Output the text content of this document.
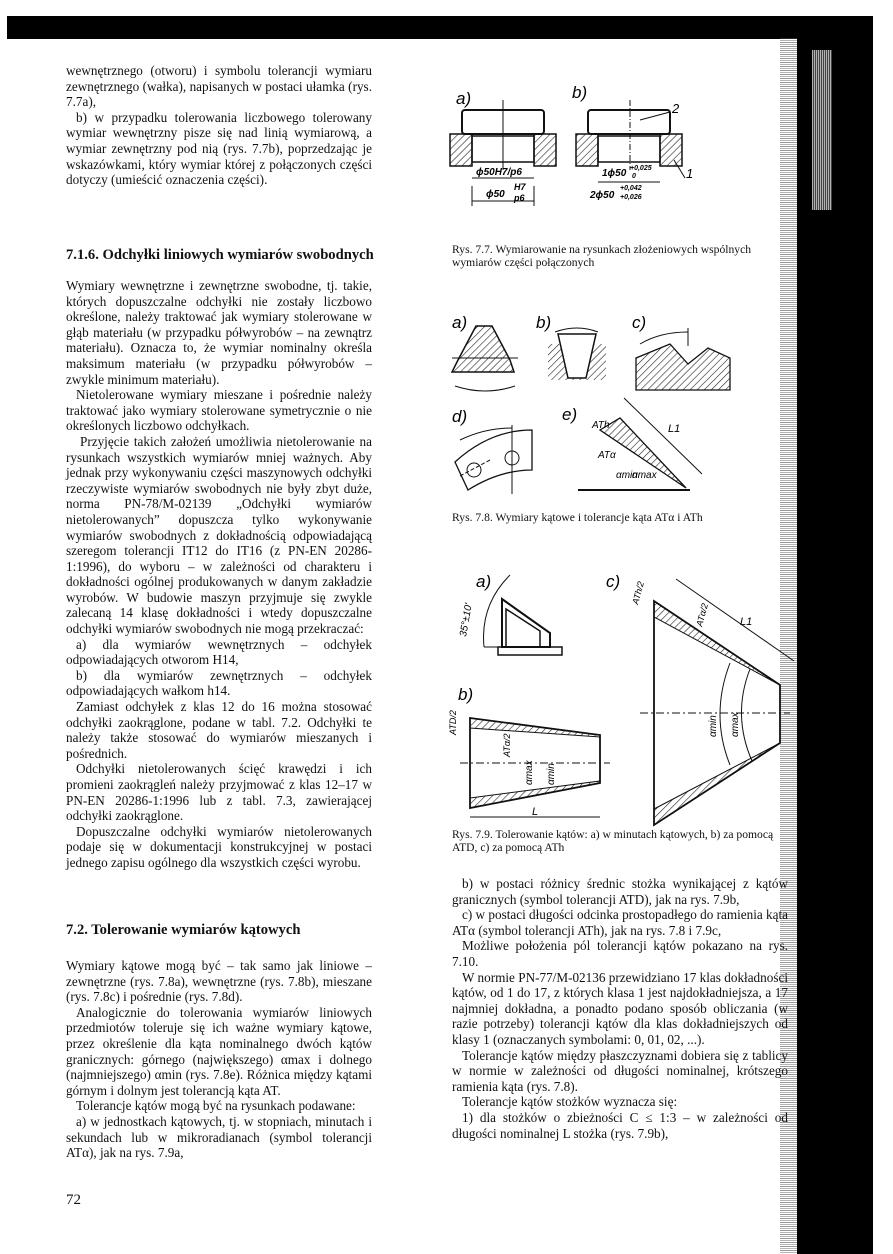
wewnętrznego (otworu) i symbolu tolerancji wymiaru zewnętrznego (wałka), napisanych w postaci ułamka (rys. 7.7a),

b) w przypadku tolerowania liczbowego tolerowany wymiar wewnętrzny pisze się nad linią wymiarową, a wymiar zewnętrzny pod nią (rys. 7.7b), poprzedzając je wskazówkami, który wymiar której z połączonych części dotyczy (umieścić oznaczenia części).

7.1.6. Odchyłki liniowych wymiarów swobodnych

Wymiary wewnętrzne i zewnętrzne swobodne, tj. takie, których dopuszczalne odchyłki nie zostały liczbowo określone, należy traktować jak wymiary stolerowane w głąb materiału (w przypadku półwyrobów – na zewnątrz materiału). Oznacza to, że wymiar nominalny określa maksimum materiału (w przypadku półwyrobów – zwykle minimum materiału).

Nietolerowane wymiary mieszane i pośrednie należy traktować jako wymiary stolerowane symetrycznie o nie określonych liczbowo odchyłkach.

Przyjęcie takich założeń umożliwia nietolerowanie na rysunkach wszystkich wymiarów mniej ważnych. Aby jednak przy wykonywaniu części maszynowych odchyłki rzeczywiste wymiarów swobodnych nie były zbyt duże, norma PN-78/M-02139 „Odchyłki wymiarów nietolerowanych” dopuszcza tylko wykonywanie wymiarów swobodnych z dokładnością odpowiadającą szeregom tolerancji IT12 do IT16 (z PN-EN 20286-1:1996), do wyboru – w zależności od charakteru i dokładności ogólnej produkowanych w danym zakładzie wyrobów. W budowie maszyn przyjmuje się zwykle zalecaną 14 klasę dokładności i wtedy dopuszczalne odchyłki wymiarów swobodnych nie mogą przekraczać:

a) dla wymiarów wewnętrznych – odchyłek odpowiadających otworom H14,

b) dla wymiarów zewnętrznych – odchyłek odpowiadających wałkom h14.

Zamiast odchyłek z klas 12 do 16 można stosować odchyłki zaokrąglone, podane w tabl. 7.2. Odchyłki te należy także stosować do wymiarów mieszanych i pośrednich.

Odchyłki nietolerowanych ścięć krawędzi i ich promieni zaokrągleń należy przyjmować z klas 12–17 w PN-EN 20286-1:1996 lub z tabl. 7.3, zawierającej odchyłki zaokrąglone.

Dopuszczalne odchyłki wymiarów nietolerowanych podaje się w dokumentacji konstrukcyjnej w postaci jednego zapisu ogólnego dla wszystkich części wyrobu.

7.2. Tolerowanie wymiarów kątowych

Wymiary kątowe mogą być – tak samo jak liniowe – zewnętrzne (rys. 7.8a), wewnętrzne (rys. 7.8b), mieszane (rys. 7.8c) i pośrednie (rys. 7.8d).

Analogicznie do tolerowania wymiarów liniowych przedmiotów toleruje się ich ważne wymiary kątowe, przez określenie dla kąta nominalnego dwóch kątów granicznych: górnego (największego) αmax i dolnego (najmniejszego) αmin (rys. 7.8e). Różnica między kątami górnym i dolnym jest tolerancją kąta AT.

Tolerancje kątów mogą być na rysunkach podawane:

a) w jednostkach kątowych, tj. w stopniach, minutach i sekundach lub w mikroradianach (symbol tolerancji ATα), jak na rys. 7.9a,

72
a)	b)
ϕ50H7/p6
ϕ50
H7
p6
2
1
1ϕ50 +0,025
0
2ϕ50
+0,042
+0,026
Rys. 7.7. Wymiarowanie na rysunkach złożeniowych wspólnych wymiarów części połączonych
a)	b)	c)
d)	e)
ATh
ATα
αmin
αmax
L1
Rys. 7.8. Wymiary kątowe i tolerancje kąta ATα i ATh
a)
35°±10'
b)
ATD/2
ATα/2
αmax αmin
L
c) ATh/2
ATα/2	L1
αmin αmax
Rys. 7.9. Tolerowanie kątów: a) w minutach kątowych, b) za pomocą ATD, c) za pomocą ATh

b) w postaci różnicy średnic stożka wynikającej z kątów granicznych (symbol tolerancji ATD), jak na rys. 7.9b,

c) w postaci długości odcinka prostopadłego do ramienia kąta ATα (symbol tolerancji ATh), jak na rys. 7.8 i 7.9c,

Możliwe położenia pól tolerancji kątów pokazano na rys. 7.10.

W normie PN-77/M-02136 przewidziano 17 klas dokładności kątów, od 1 do 17, z których klasa 1 jest najdokładniejsza, a 17 najmniej dokładna, a ponadto podano sposób obliczania (w razie potrzeby) tolerancji kątów dla klas dokładniejszych od klasy 1 (oznaczanych symbolami: 0, 01, 02, ...).

Tolerancje kątów między płaszczyznami dobiera się z tablicy w normie w zależności od długości nominalnej, krótszego ramienia kąta (rys. 7.8).

Tolerancje kątów stożków wyznacza się:

1) dla stożków o zbieżności C ≤ 1:3 – w zależności od długości nominalnej L stożka (rys. 7.9b),
